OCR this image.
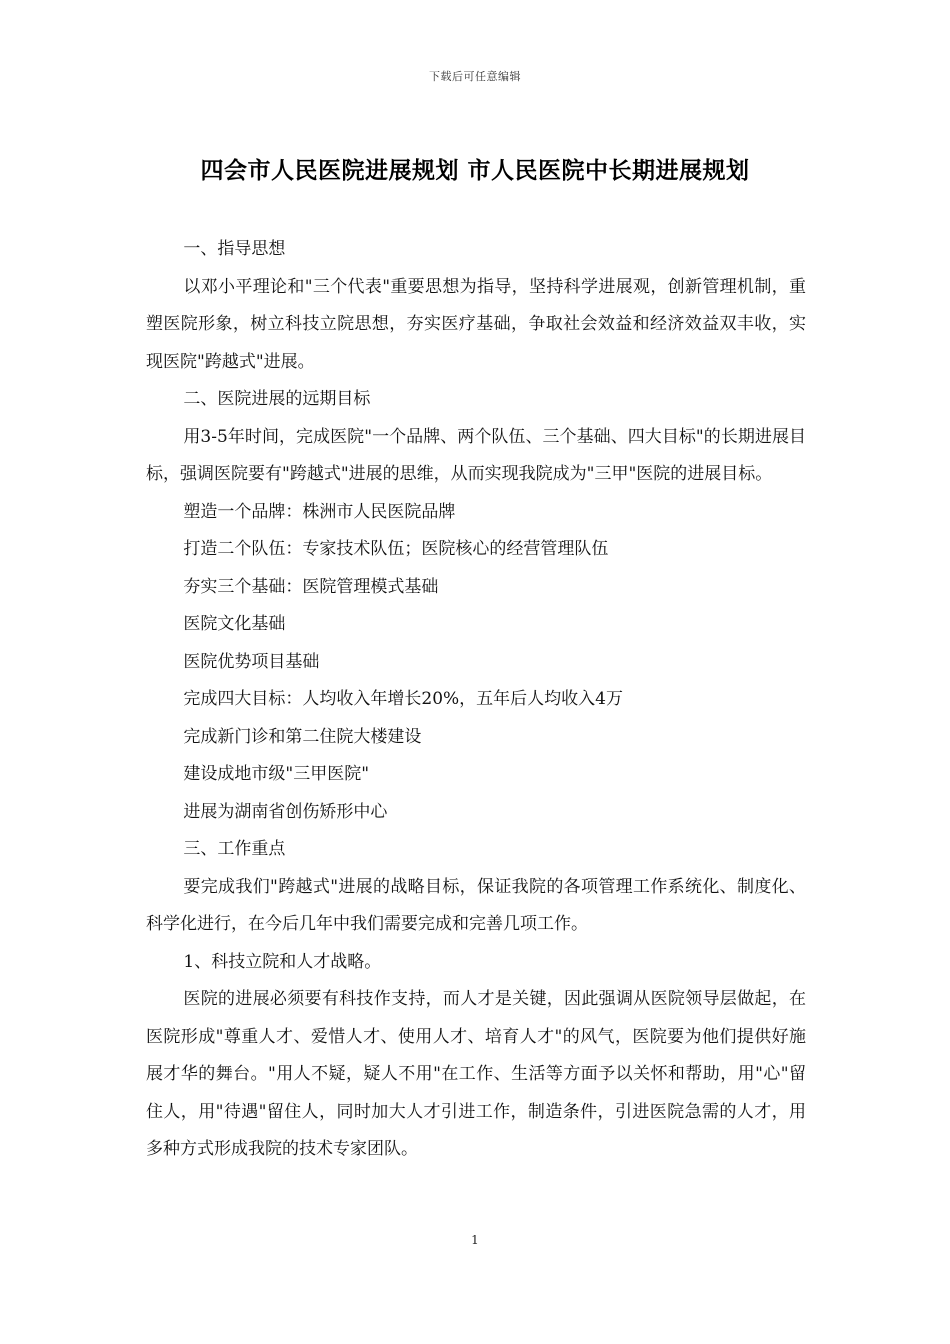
下载后可任意编辑
四会市人民医院进展规划 市人民医院中长期进展规划

一、指导思想

以邓小平理论和"三个代表"重要思想为指导，坚持科学进展观，创新管理机制，重塑医院形象，树立科技立院思想，夯实医疗基础，争取社会效益和经济效益双丰收，实现医院"跨越式"进展。

二、医院进展的远期目标

用3-5年时间，完成医院"一个品牌、两个队伍、三个基础、四大目标"的长期进展目标，强调医院要有"跨越式"进展的思维，从而实现我院成为"三甲"医院的进展目标。

塑造一个品牌：株洲市人民医院品牌

打造二个队伍：专家技术队伍；医院核心的经营管理队伍

夯实三个基础：医院管理模式基础

医院文化基础

医院优势项目基础

完成四大目标：人均收入年增长20%，五年后人均收入4万

完成新门诊和第二住院大楼建设

建设成地市级"三甲医院"

进展为湖南省创伤矫形中心

三、工作重点

要完成我们"跨越式"进展的战略目标，保证我院的各项管理工作系统化、制度化、科学化进行，在今后几年中我们需要完成和完善几项工作。

1、科技立院和人才战略。

医院的进展必须要有科技作支持，而人才是关键，因此强调从医院领导层做起，在医院形成"尊重人才、爱惜人才、使用人才、培育人才"的风气，医院要为他们提供好施展才华的舞台。"用人不疑，疑人不用"在工作、生活等方面予以关怀和帮助，用"心"留住人，用"待遇"留住人，同时加大人才引进工作，制造条件，引进医院急需的人才，用多种方式形成我院的技术专家团队。

1
